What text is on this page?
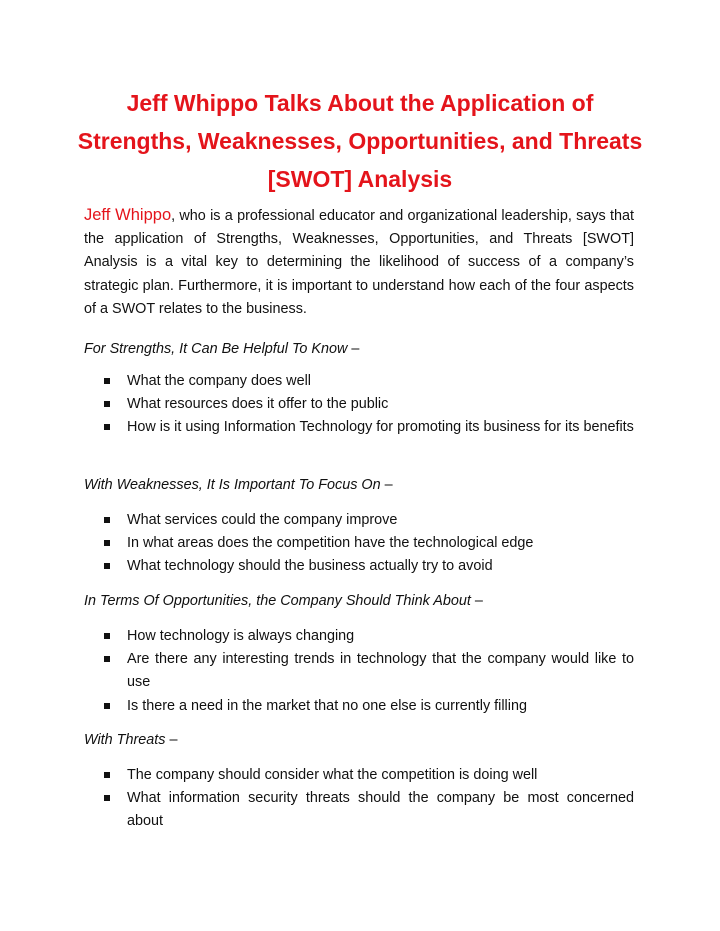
Jeff Whippo Talks About the Application of
Strengths, Weaknesses, Opportunities, and Threats
[SWOT] Analysis

Jeff Whippo, who is a professional educator and organizational leadership, says that the application of Strengths, Weaknesses, Opportunities, and Threats [SWOT] Analysis is a vital key to determining the likelihood of success of a company’s strategic plan. Furthermore, it is important to understand how each of the four aspects of a SWOT relates to the business.

For Strengths, It Can Be Helpful To Know –

What the company does well
What resources does it offer to the public
How is it using Information Technology for promoting its business for its benefits

With Weaknesses, It Is Important To Focus On –

What services could the company improve
In what areas does the competition have the technological edge
What technology should the business actually try to avoid

In Terms Of Opportunities, the Company Should Think About –

How technology is always changing
Are there any interesting trends in technology that the company would like to use
Is there a need in the market that no one else is currently filling

With Threats –

The company should consider what the competition is doing well
What information security threats should the company be most concerned about
